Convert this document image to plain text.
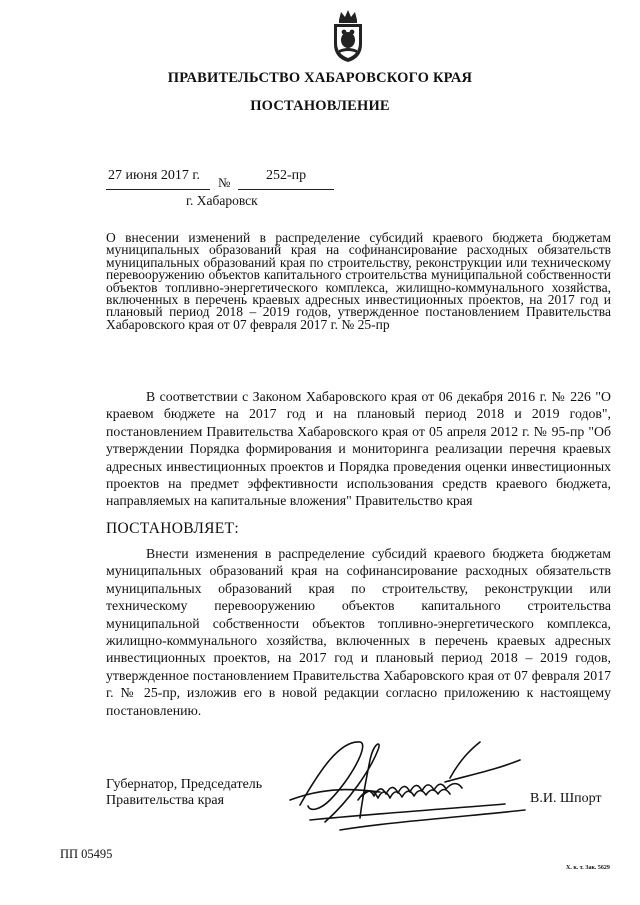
ПРАВИТЕЛЬСТВО ХАБАРОВСКОГО КРАЯ
ПОСТАНОВЛЕНИЕ
27 июня 2017 г. №	252-пр
г. Хабаровск
О внесении изменений в распределение субсидий краевого бюджета бюджетам муниципальных образований края на софинансирование расходных обязательств муниципальных образований края по строительству, реконструкции или техническому перевооружению объектов капитального строительства муниципальной собственности объектов топливно-энергетического комплекса, жилищно-коммунального хозяйства, включенных в перечень краевых адресных инвестиционных проектов, на 2017 год и плановый период 2018 – 2019 годов, утвержденное постановлением Правительства Хабаровского края от 07 февраля 2017 г. № 25-пр

В соответствии с Законом Хабаровского края от 06 декабря 2016 г. № 226 "О краевом бюджете на 2017 год и на плановый период 2018 и 2019 годов", постановлением Правительства Хабаровского края от 05 апреля 2012 г. № 95-пр "Об утверждении Порядка формирования и мониторинга реализации перечня краевых адресных инвестиционных проектов и Порядка проведения оценки инвестиционных проектов на предмет эффективности использования средств краевого бюджета, направляемых на капитальные вложения" Правительство края

ПОСТАНОВЛЯЕТ:

Внести изменения в распределение субсидий краевого бюджета бюджетам муниципальных образований края на софинансирование расходных обязательств муниципальных образований края по строительству, реконструкции или техническому перевооружению объектов капитального строительства муниципальной собственности объектов топливно-энергетического комплекса, жилищно-коммунального хозяйства, включенных в перечень краевых адресных инвестиционных проектов, на 2017 год и плановый период 2018 – 2019 годов, утвержденное постановлением Правительства Хабаровского края от 07 февраля 2017 г. № 25-пр, изложив его в новой редакции согласно приложению к настоящему постановлению.

Губернатор, Председатель
Правительства края	В.И. Шпорт
ПП 05495
Х. к. т. Зак. 5629
